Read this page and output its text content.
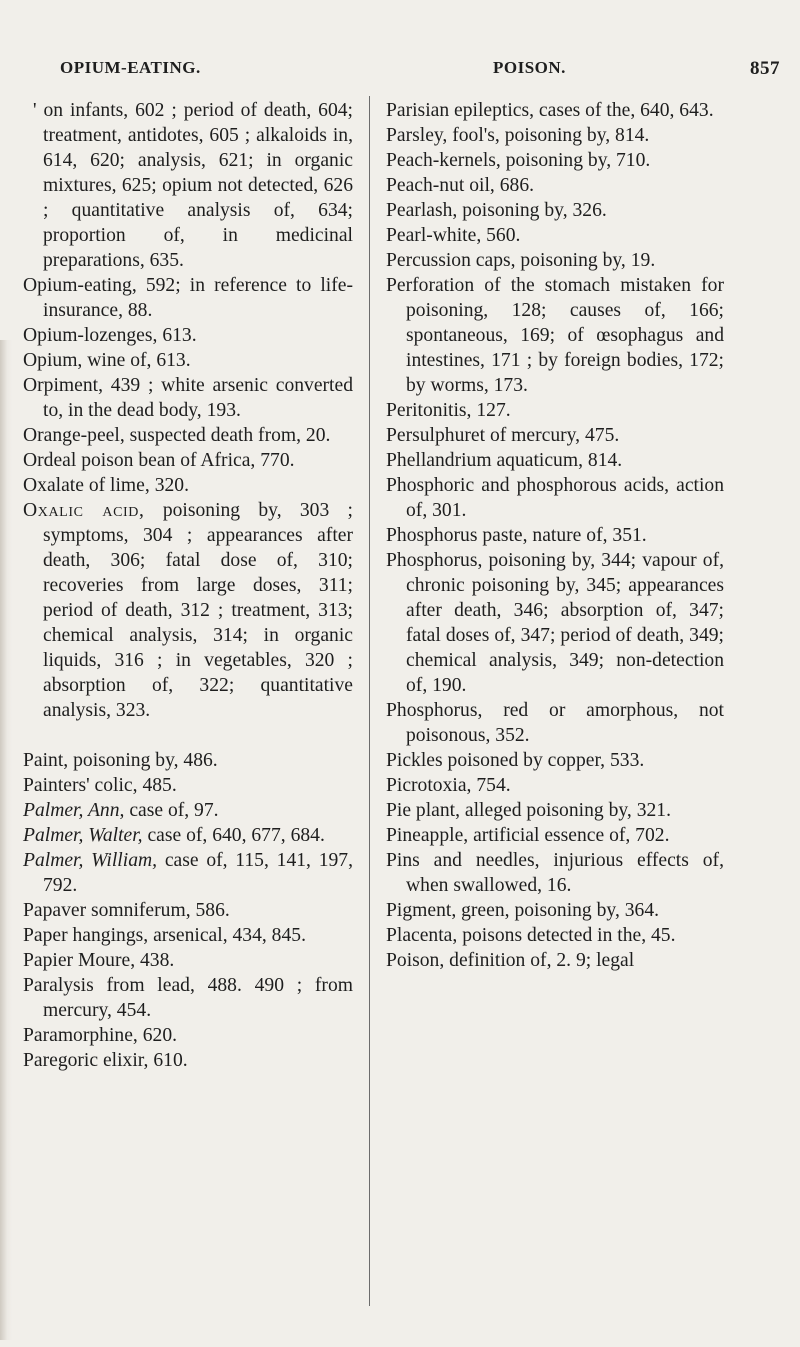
OPIUM-EATING.	POISON.	857
' on infants, 602 ; period of death, 604; treatment, antidotes, 605 ; alkaloids in, 614, 620; analysis, 621; in organic mixtures, 625; opium not detected, 626 ; quantitative analysis of, 634; proportion of, in medicinal preparations, 635.
Opium-eating, 592; in reference to life-insurance, 88.
Opium-lozenges, 613.
Opium, wine of, 613.
Orpiment, 439 ; white arsenic converted to, in the dead body, 193.
Orange-peel, suspected death from, 20.
Ordeal poison bean of Africa, 770.
Oxalate of lime, 320.
Oxalic acid, poisoning by, 303 ; symptoms, 304 ; appearances after death, 306; fatal dose of, 310; recoveries from large doses, 311; period of death, 312 ; treatment, 313; chemical analysis, 314; in organic liquids, 316 ; in vegetables, 320 ; absorption of, 322; quantitative analysis, 323.
Paint, poisoning by, 486.
Painters' colic, 485.
Palmer, Ann, case of, 97.
Palmer, Walter, case of, 640, 677, 684.
Palmer, William, case of, 115, 141, 197, 792.
Papaver somniferum, 586.
Paper hangings, arsenical, 434, 845.
Papier Moure, 438.
Paralysis from lead, 488. 490 ; from mercury, 454.
Paramorphine, 620.
Paregoric elixir, 610.
Parisian epileptics, cases of the, 640, 643.
Parsley, fool's, poisoning by, 814.
Peach-kernels, poisoning by, 710.
Peach-nut oil, 686.
Pearlash, poisoning by, 326.
Pearl-white, 560.
Percussion caps, poisoning by, 19.
Perforation of the stomach mistaken for poisoning, 128; causes of, 166; spontaneous, 169; of œsophagus and intestines, 171 ; by foreign bodies, 172; by worms, 173.
Peritonitis, 127.
Persulphuret of mercury, 475.
Phellandrium aquaticum, 814.
Phosphoric and phosphorous acids, action of, 301.
Phosphorus paste, nature of, 351.
Phosphorus, poisoning by, 344; vapour of, chronic poisoning by, 345; appearances after death, 346; absorption of, 347; fatal doses of, 347; period of death, 349; chemical analysis, 349; non-detection of, 190.
Phosphorus, red or amorphous, not poisonous, 352.
Pickles poisoned by copper, 533.
Picrotoxia, 754.
Pie plant, alleged poisoning by, 321.
Pineapple, artificial essence of, 702.
Pins and needles, injurious effects of, when swallowed, 16.
Pigment, green, poisoning by, 364.
Placenta, poisons detected in the, 45.
Poison, definition of, 2. 9; legal
